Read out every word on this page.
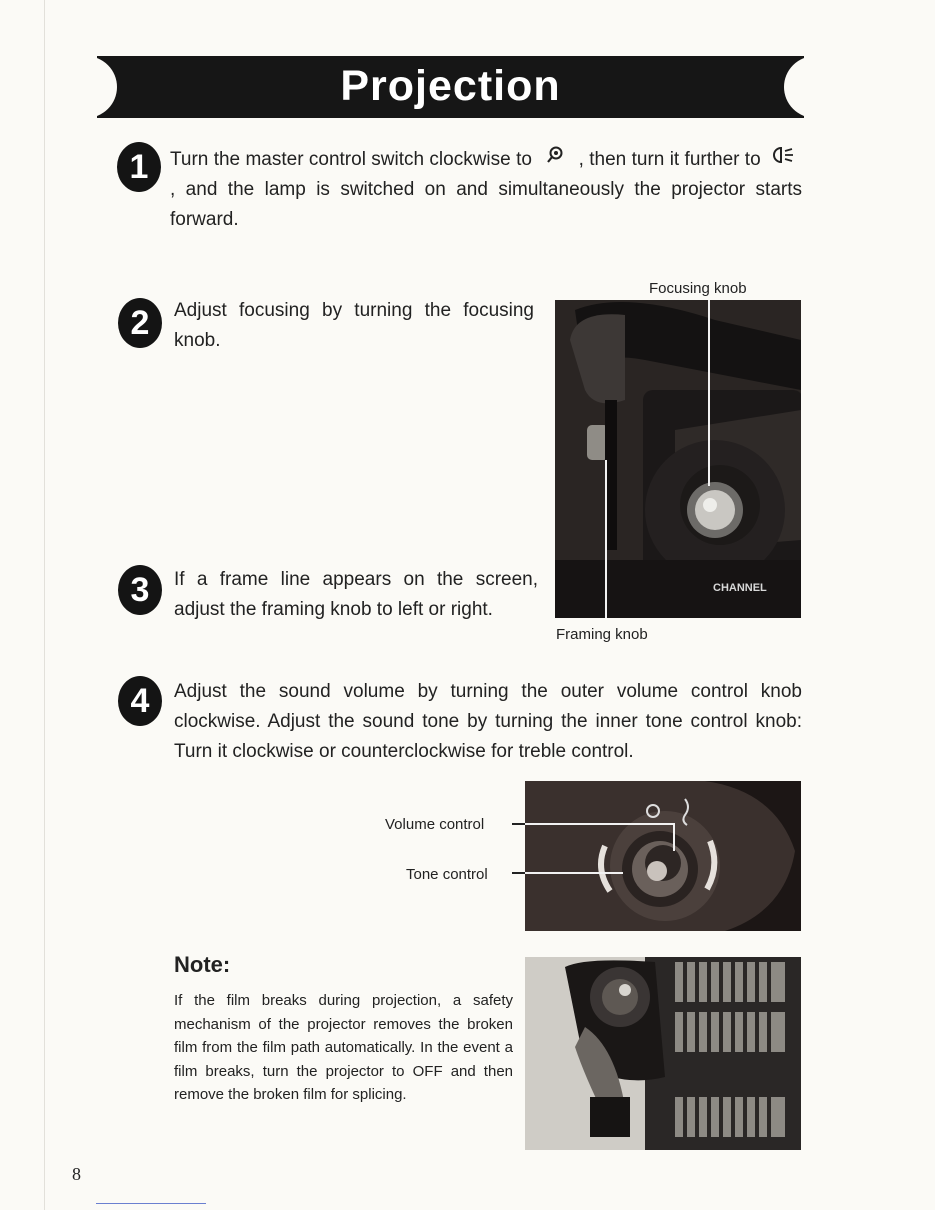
Projection
1	Turn the master control switch clockwise to , then turn it further to  , and the lamp is switched on and simultaneously the projector starts forward.
2	Adjust focusing by turning the focusing knob.
Focusing knob
CHANNEL
Framing knob
3	If a frame line appears on the screen, adjust the framing knob to left or right.
4	Adjust the sound volume by turning the outer volume control knob clockwise. Adjust the sound tone by turning the inner tone control knob: Turn it clockwise or counterclockwise for treble control.
Volume control
Tone control
Note:
If the film breaks during projection, a safety mechanism of the projector removes the broken film from the film path automatically. In the event a film breaks, turn the projector to OFF and then remove the broken film for splicing.
8
